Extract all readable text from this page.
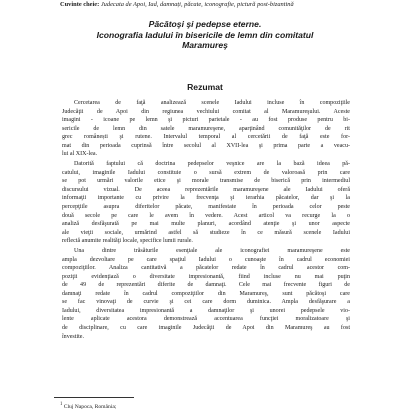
Cuvinte cheie: Judecata de Apoi, Iad, damnați, păcate, iconografie, pictură post-bizantină
Păcătoşi şi pedepse eterne.
Iconografia Iadului în bisericile de lemn din comitatul
Maramureş
Rezumat
Cercetarea de faţă analizează scenele Iadului incluse în compoziţiile
Judecăţii de Apoi din regiunea vechiului comitat al Maramureşului. Aceste
imagini - icoane pe lemn şi picturi parietale - au fost produse pentru bi-
sericile de lemn din satele maramureşene, aparţinând comunităţilor de rit
grec românești şi rutene. Intervalul temporal al cercetării de faţă este for-
mat din perioada cuprinsă între secolul al XVII-lea şi prima parte a veacu-
lui al XIX-lea.
Datorită faptului că doctrina pedepselor veşnice are la bază ideea pă-
catului, imaginile Iadului constituie o sursă extrem de valoroasă prin care
se pot urmări valorile etice şi morale transmise de biserică prin intermediul
discursului vizual. De aceea reprezentările maramureşene ale Iadului oferă
informaţii importante cu privire la frecvenţa şi ierarhia păcatelor, dar şi la
percepţiile asupra diferitelor păcate, manifestate în perioada celor peste
două secole pe care le avem în vedere. Acest articol va recurge la o
analiză desfăşurată pe mai multe planuri, acordând atenţie şi unor aspecte
ale vieţii sociale, urmărind astfel să studieze în ce măsură scenele Iadului
reflectă anumite realităţi locale, specifice lumii rurale.
Una dintre trăsăturile esenţiale ale iconografiei maramureşene este
ampla dezvoltare pe care spaţiul Iadului o cunoaşte în cadrul economiei
compoziţiilor. Analiza cantitativă a păcatelor redate în cadrul acestor com-
poziţii evidenţiază o diversitate impresionantă, fiind incluse nu mai puţin
de 49 de reprezentări diferite de damnaţi. Cele mai frecvente figuri de
damnaţi redate în cadrul compoziţiilor din Maramureş, sunt păcătoşi care
se fac vinovaţi de curvie şi cei care dorm duminica. Ampla desfăşurare a
Iadului, diversitatea impresionantă a damnaţilor şi unorei pedepsele vio-
lente aplicate acestora demonstrează accentuarea funcţiei moralizatoare şi
de disciplinare, cu care imaginile Judecăţii de Apoi din Maramureş au fost
învestite.
$^1$ Cluj Napoca, România;
